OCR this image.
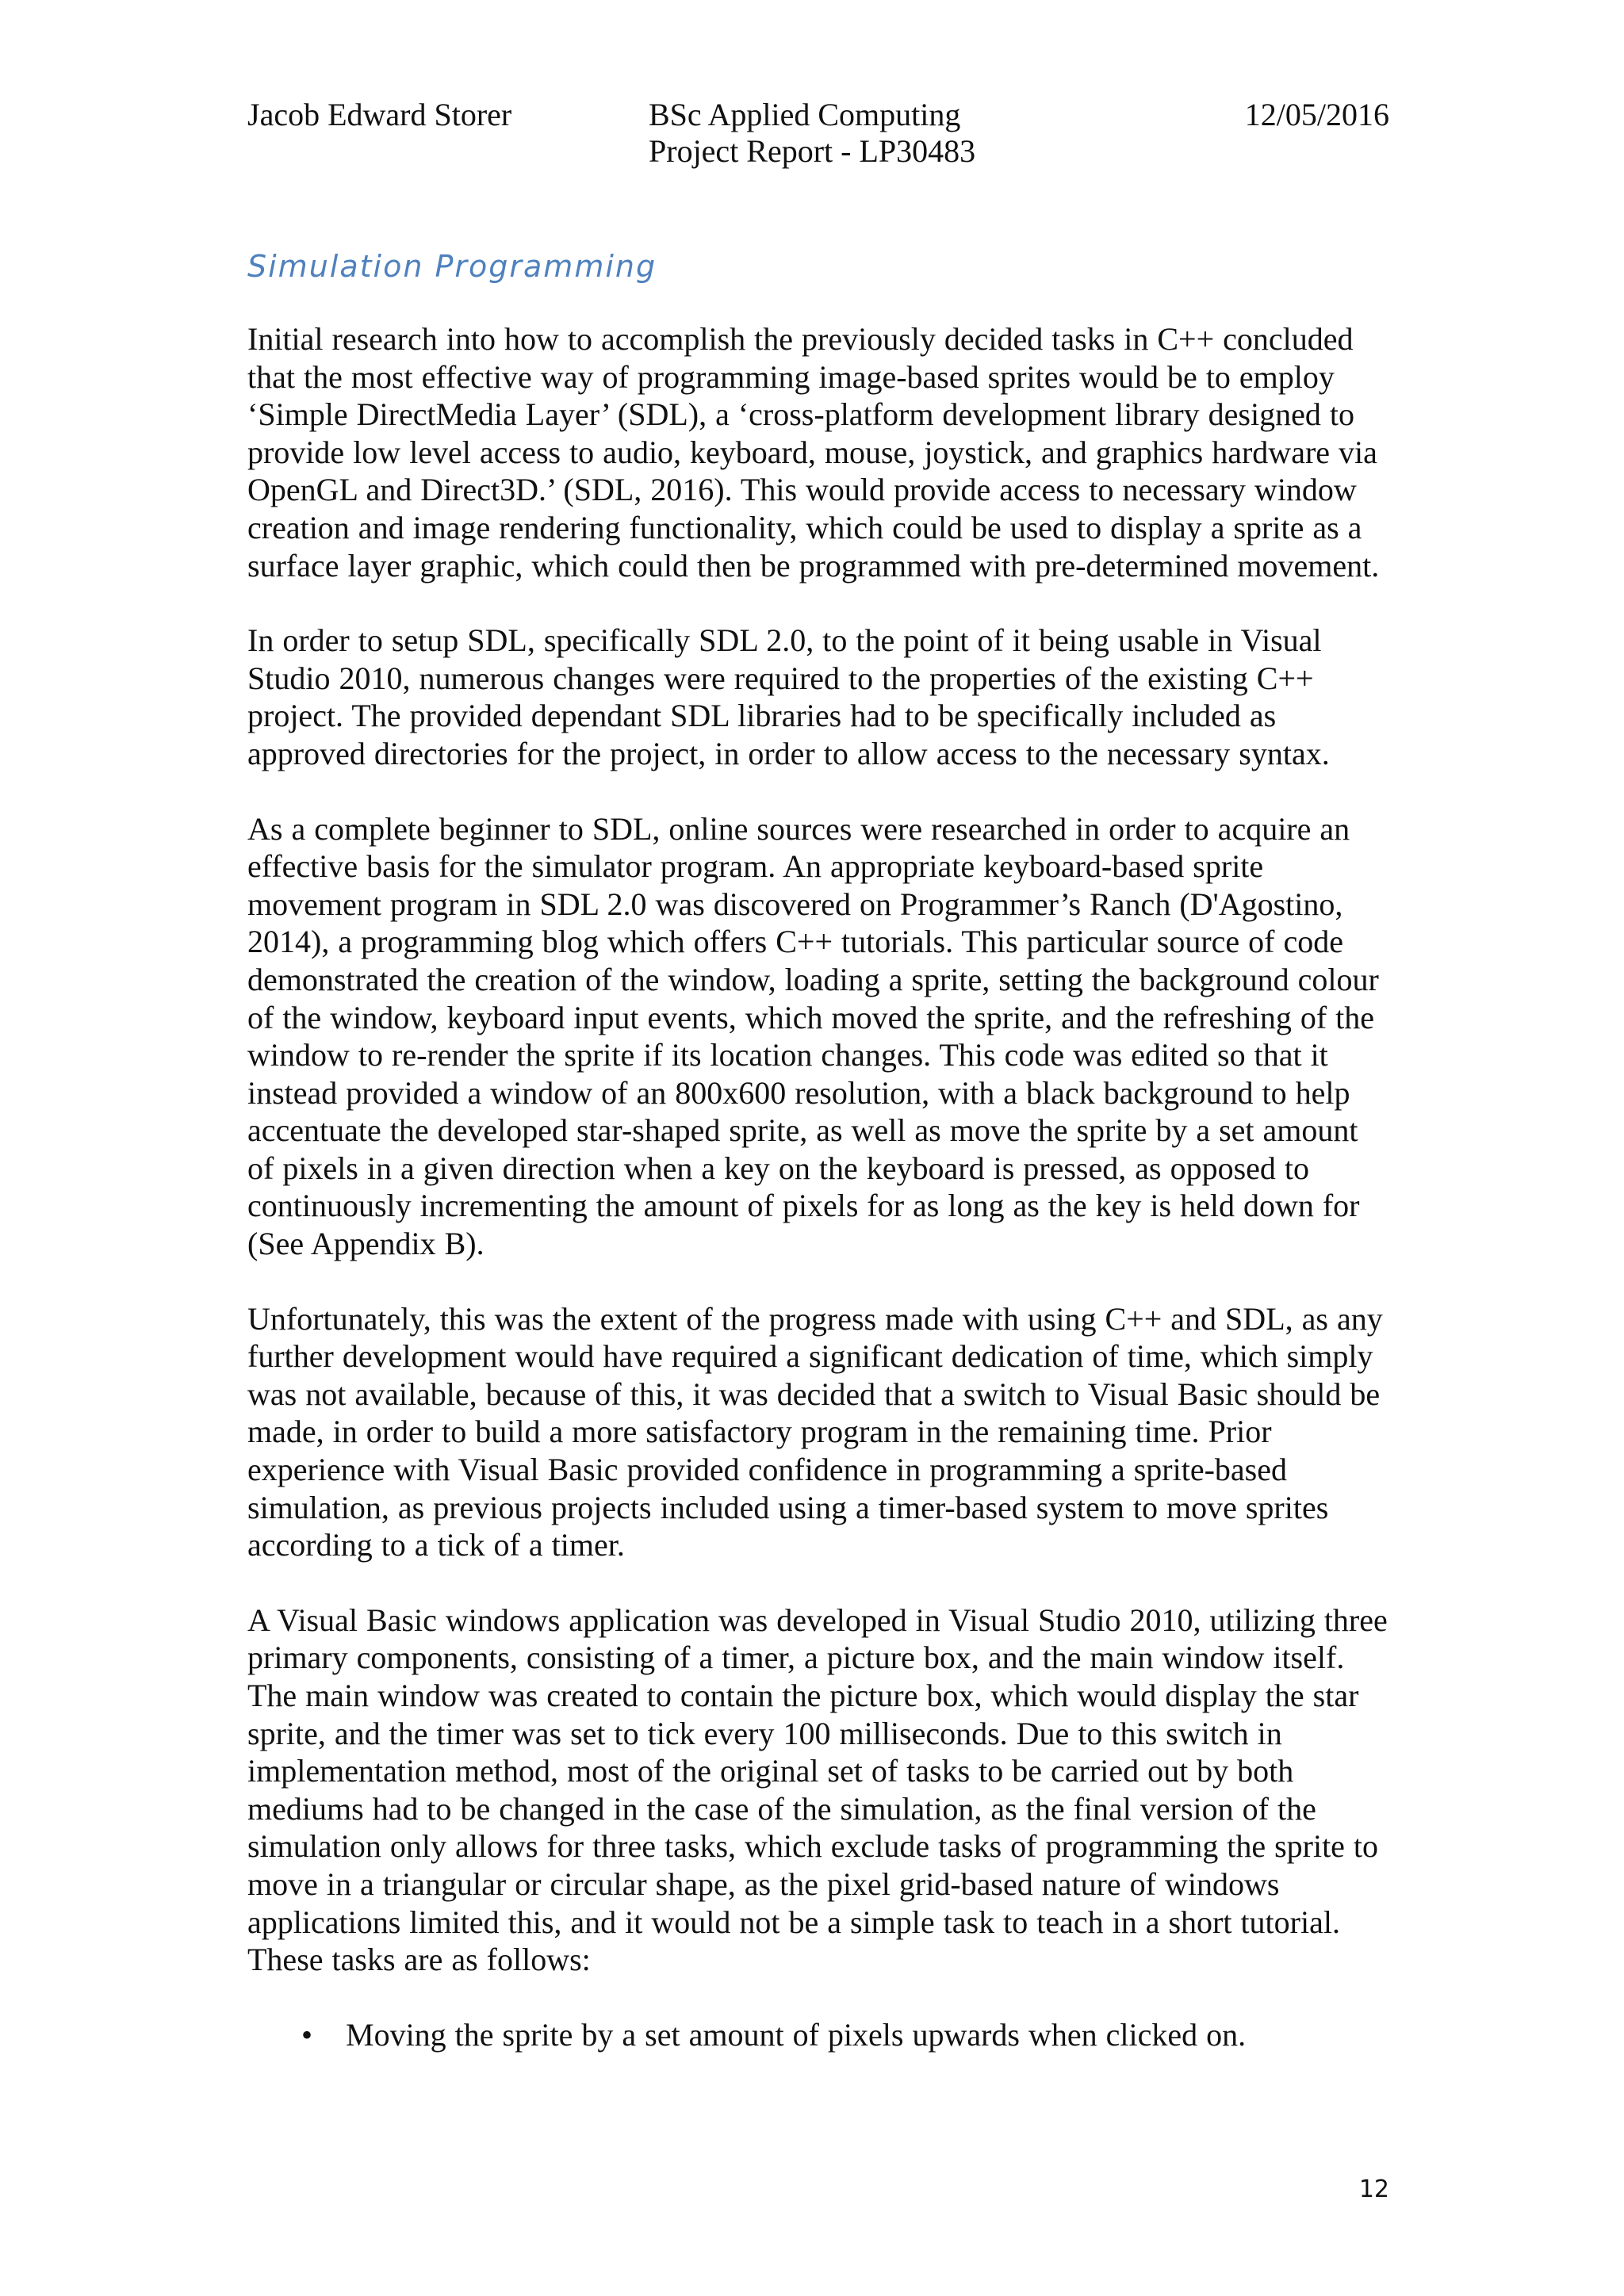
Jacob Edward Storer	BSc Applied Computing
Project Report - LP30483
12/05/2016
Simulation Programming

Initial research into how to accomplish the previously decided tasks in C++ concluded that the most effective way of programming image-based sprites would be to employ ‘Simple DirectMedia Layer’ (SDL), a ‘cross-platform development library designed to provide low level access to audio, keyboard, mouse, joystick, and graphics hardware via OpenGL and Direct3D.’ (SDL, 2016). This would provide access to necessary window creation and image rendering functionality, which could be used to display a sprite as a surface layer graphic, which could then be programmed with pre-determined movement.

In order to setup SDL, specifically SDL 2.0, to the point of it being usable in Visual Studio 2010, numerous changes were required to the properties of the existing C++ project. The provided dependant SDL libraries had to be specifically included as approved directories for the project, in order to allow access to the necessary syntax.

As a complete beginner to SDL, online sources were researched in order to acquire an effective basis for the simulator program. An appropriate keyboard-based sprite movement program in SDL 2.0 was discovered on Programmer’s Ranch (D'Agostino, 2014), a programming blog which offers C++ tutorials. This particular source of code demonstrated the creation of the window, loading a sprite, setting the background colour of the window, keyboard input events, which moved the sprite, and the refreshing of the window to re-render the sprite if its location changes. This code was edited so that it instead provided a window of an 800x600 resolution, with a black background to help accentuate the developed star-shaped sprite, as well as move the sprite by a set amount of pixels in a given direction when a key on the keyboard is pressed, as opposed to continuously incrementing the amount of pixels for as long as the key is held down for (See Appendix B).

Unfortunately, this was the extent of the progress made with using C++ and SDL, as any further development would have required a significant dedication of time, which simply was not available, because of this, it was decided that a switch to Visual Basic should be made, in order to build a more satisfactory program in the remaining time. Prior experience with Visual Basic provided confidence in programming a sprite-based simulation, as previous projects included using a timer-based system to move sprites according to a tick of a timer.

A Visual Basic windows application was developed in Visual Studio 2010, utilizing three primary components, consisting of a timer, a picture box, and the main window itself. The main window was created to contain the picture box, which would display the star sprite, and the timer was set to tick every 100 milliseconds. Due to this switch in implementation method, most of the original set of tasks to be carried out by both mediums had to be changed in the case of the simulation, as the final version of the simulation only allows for three tasks, which exclude tasks of programming the sprite to move in a triangular or circular shape, as the pixel grid-based nature of windows applications limited this, and it would not be a simple task to teach in a short tutorial. These tasks are as follows:

• Moving the sprite by a set amount of pixels upwards when clicked on.
12
